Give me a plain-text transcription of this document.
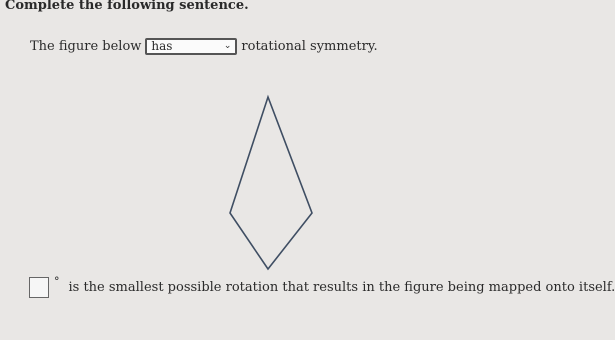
Complete the following sentence.
The figure below has	⌄ rotational symmetry.
° is the smallest possible rotation that results in the figure being mapped onto itself.
